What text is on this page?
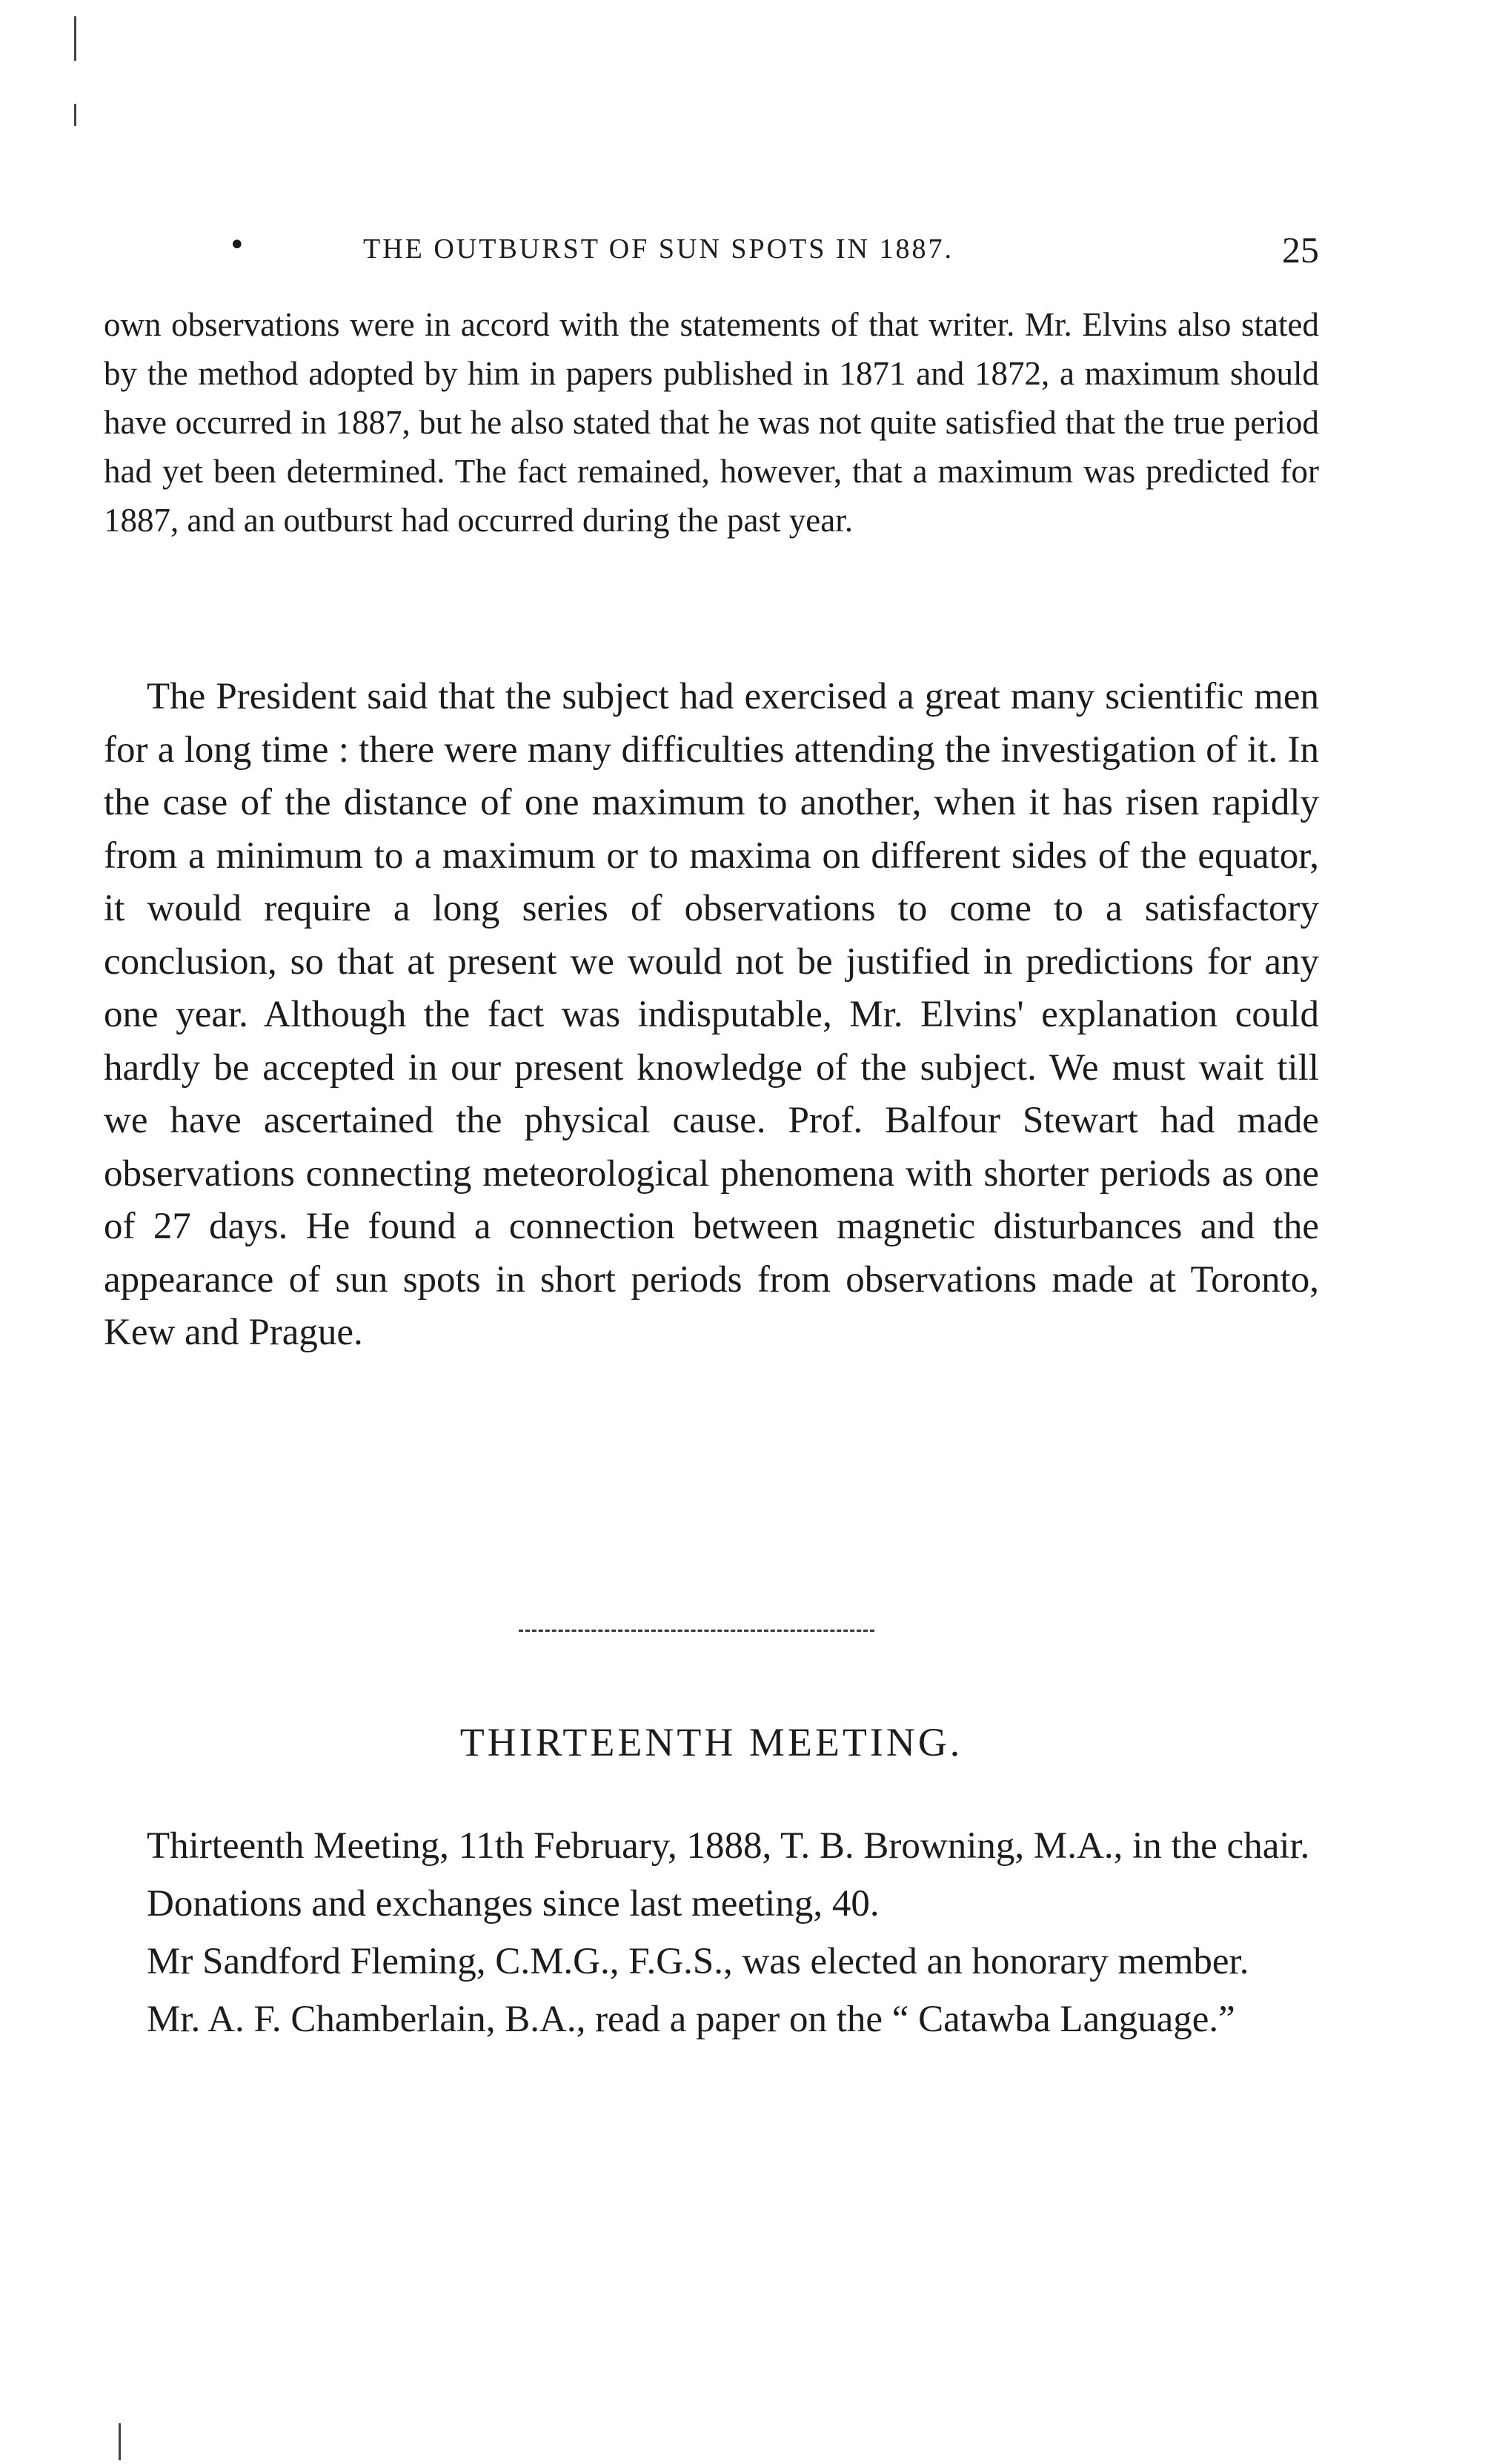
•	THE OUTBURST OF SUN SPOTS IN 1887.	25

own observations were in accord with the statements of that writer. Mr. Elvins also stated by the method adopted by him in papers published in 1871 and 1872, a maximum should have occurred in 1887, but he also stated that he was not quite satisfied that the true period had yet been determined. The fact remained, however, that a maximum was predicted for 1887, and an outburst had occurred during the past year.

The President said that the subject had exercised a great many scientific men for a long time : there were many difficulties attending the investigation of it. In the case of the distance of one maximum to another, when it has risen rapidly from a minimum to a maximum or to maxima on different sides of the equator, it would require a long series of observations to come to a satisfactory conclusion, so that at present we would not be justified in predictions for any one year. Although the fact was indisputable, Mr. Elvins' explanation could hardly be accepted in our present knowledge of the subject. We must wait till we have ascertained the physical cause. Prof. Balfour Stewart had made observations connecting meteorological phenomena with shorter periods as one of 27 days. He found a connection between magnetic disturbances and the appearance of sun spots in short periods from observations made at Toronto, Kew and Prague.

THIRTEENTH MEETING.

Thirteenth Meeting, 11th February, 1888, T. B. Browning, M.A., in the chair.

Donations and exchanges since last meeting, 40.

Mr Sandford Fleming, C.M.G., F.G.S., was elected an honorary member.

Mr. A. F. Chamberlain, B.A., read a paper on the “ Catawba Language.”
